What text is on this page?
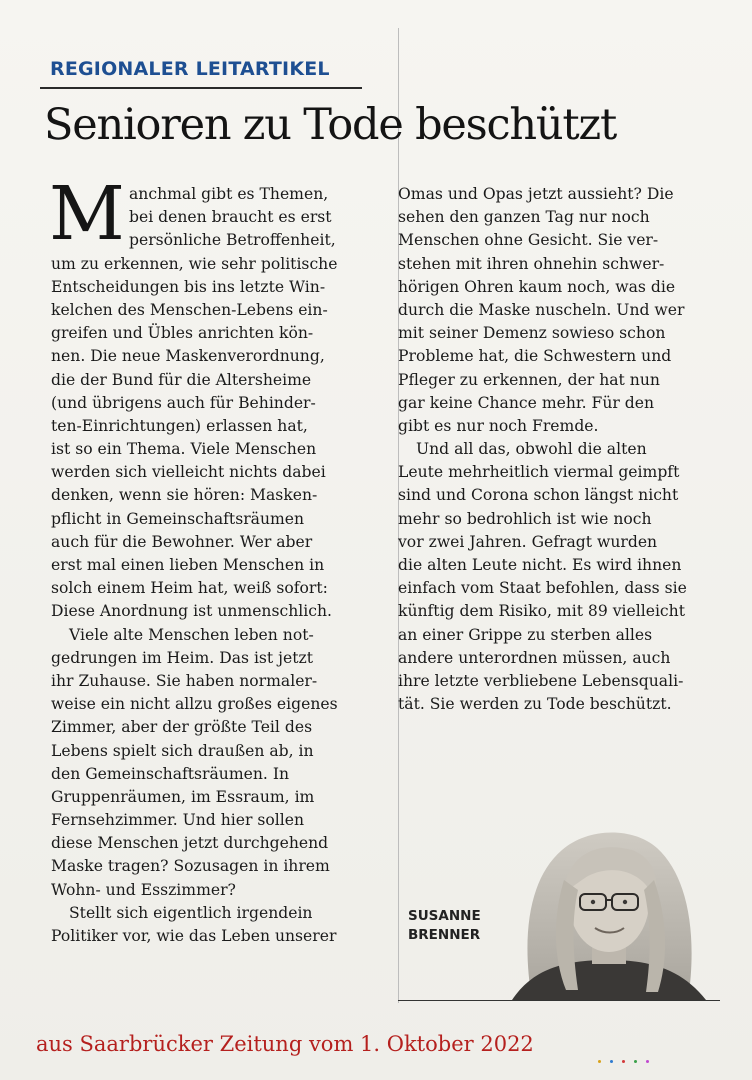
REGIONALER LEITARTIKEL
Senioren zu Tode beschützt
M anchmal gibt es Themen,
bei denen braucht es erst
persönliche Betroffenheit,
um zu erkennen, wie sehr politische
Entscheidungen bis ins letzte Win-
kelchen des Menschen-Lebens ein-
greifen und Übles anrichten kön-
nen. Die neue Maskenverordnung,
die der Bund für die Altersheime
(und übrigens auch für Behinder-
ten-Einrichtungen) erlassen hat,
ist so ein Thema. Viele Menschen
werden sich vielleicht nichts dabei
denken, wenn sie hören: Masken-
pflicht in Gemeinschaftsräumen
auch für die Bewohner. Wer aber
erst mal einen lieben Menschen in
solch einem Heim hat, weiß sofort:
Diese Anordnung ist unmenschlich.
Viele alte Menschen leben not-
gedrungen im Heim. Das ist jetzt
ihr Zuhause. Sie haben normaler-
weise ein nicht allzu großes eigenes
Zimmer, aber der größte Teil des
Lebens spielt sich draußen ab, in
den Gemeinschaftsräumen. In
Gruppenräumen, im Essraum, im
Fernsehzimmer. Und hier sollen
diese Menschen jetzt durchgehend
Maske tragen? Sozusagen in ihrem
Wohn- und Esszimmer?
Stellt sich eigentlich irgendein
Politiker vor, wie das Leben unserer
Omas und Opas jetzt aussieht? Die
sehen den ganzen Tag nur noch
Menschen ohne Gesicht. Sie ver-
stehen mit ihren ohnehin schwer-
hörigen Ohren kaum noch, was die
durch die Maske nuscheln. Und wer
mit seiner Demenz sowieso schon
Probleme hat, die Schwestern und
Pfleger zu erkennen, der hat nun
gar keine Chance mehr. Für den
gibt es nur noch Fremde.
Und all das, obwohl die alten
Leute mehrheitlich viermal geimpft
sind und Corona schon längst nicht
mehr so bedrohlich ist wie noch
vor zwei Jahren. Gefragt wurden
die alten Leute nicht. Es wird ihnen
einfach vom Staat befohlen, dass sie
künftig dem Risiko, mit 89 vielleicht
an einer Grippe zu sterben alles
andere unterordnen müssen, auch
ihre letzte verbliebene Lebensquali-
tät. Sie werden zu Tode beschützt.
SUSANNE
BRENNER
aus Saarbrücker Zeitung vom 1. Oktober 2022
